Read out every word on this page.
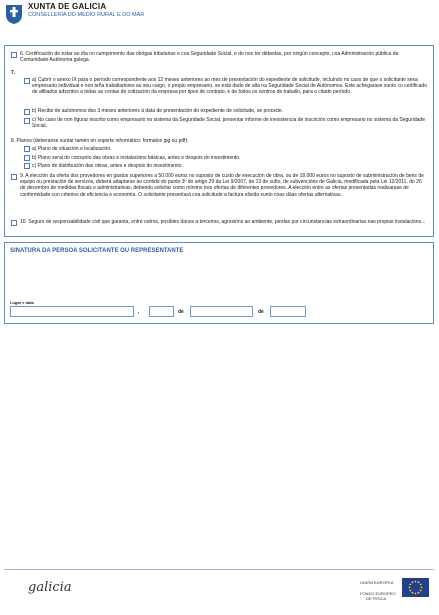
XUNTA DE GALICIA
CONSELLERÍA DO MEDIO RURAL E DO MAR
6. Certificación de estar ao día no cumprimento das obrigas tributarias e coa Seguridade Social, e de non ter débedas, por ningún concepto, coa Administración pública da Comunidade Autónoma galega.
7.
a) Cubrir o anexo IX para o período correspondente aos 12 meses anteriores ao mes de presentación do expediente de solicitude, incluíndo no caso de que o solicitante sexa empresario individual e non teña traballadores ao seu cargo, o propio empresario, se está dado de alta na Seguridade Social de Autónomos. Este achegarase xunto co certificado de afiliados adscritos a todas as contas de cotización da empresa por tipos de contrato, e de todos os centros de traballo, para o citado período.
b) Recibo de autónomos dos 3 meses anteriores á data de presentación do expediente de solicitude, se procede.
c) No caso de non figurar inscrito como empresario no sistema da Seguridade Social, presentar informe de inexistencia de inscrición como empresario no sistema da Seguridade Social.
8. Planos (deberanse xuntar tamén en soporte informático: formatos jpg ou pdf):
a) Plano de situación e localización.
b) Plano xeral do conxunto das obras e instalacións básicas, antes e despois do investimento.
c) Plano de distribución das obras, antes e despois do investimento.
9. A elección da oferta dos provedores en gastos superiores a 50.000 euros no suposto de custo de execución de obra, ou de 18.000 euros no suposto de subministración de bens de equipo ou prestación de servizos, deberá adaptarse ao contido do punto 3º do artigo 29 da Lei 9/2007, de 13 de xuño, de subvencións de Galicia, modificada pola Lei 12/2011, do 26 de decembro de medidas fiscais e administrativas, debendo solicitar como mínimo tres ofertas de diferentes provedores. A elección entre as ofertas presentadas realizarase de conformidade con criterios de eficiencia e economía. O solicitante presentará coa solicitude a factura elixida xunto coas dúas ofertas alternativas.
10. Seguro de responsabilidade civil que garanta, entre outros, posibles danos a terceiros, agresións ao ambiente, perdas por circunstancias extraordinarias nas propias instalacións...
SINATURA DA PERSOA SOLICITANTE OU REPRESENTANTE
Lugar e data
,	de	de
galicia	UNIÓN EUROPEA
FONDO EUROPEO
DE PESCA
